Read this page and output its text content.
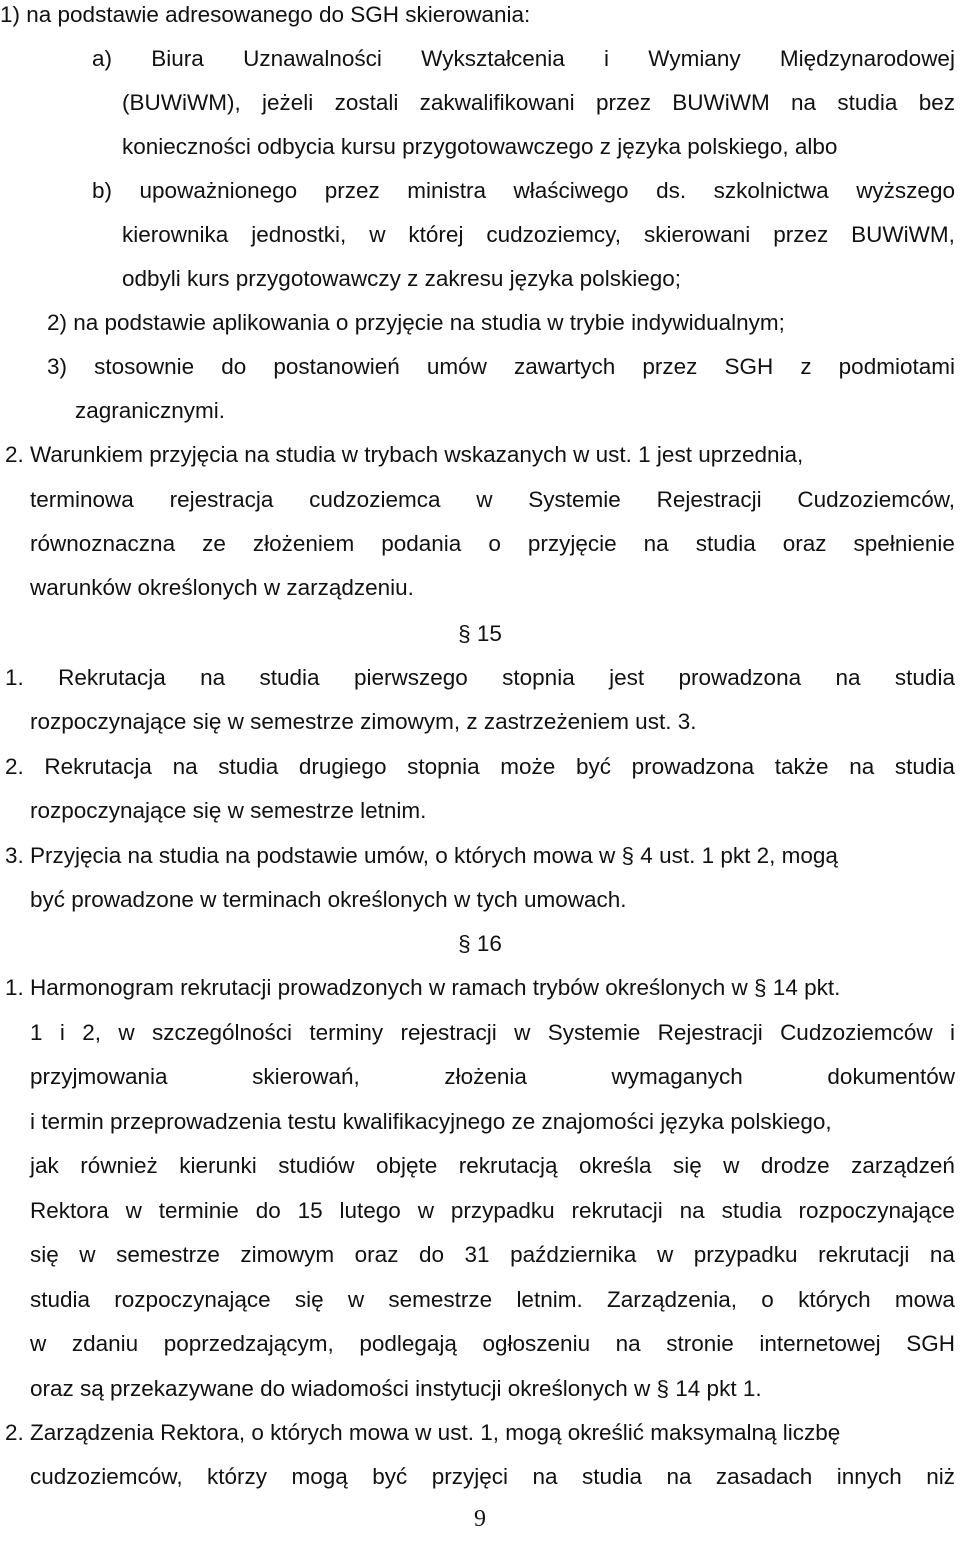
9
1) na podstawie adresowanego do SGH skierowania:
a) Biura Uznawalności Wykształcenia i Wymiany Międzynarodowej
(BUWiWM), jeżeli zostali zakwalifikowani przez BUWiWM na studia bez
konieczności odbycia kursu przygotowawczego z języka polskiego, albo
b) upoważnionego przez ministra właściwego ds. szkolnictwa wyższego
kierownika jednostki, w której cudzoziemcy, skierowani przez BUWiWM,
odbyli kurs przygotowawczy z zakresu języka polskiego;
2) na podstawie aplikowania o przyjęcie na studia w trybie indywidualnym;
3) stosownie do postanowień umów zawartych przez SGH z podmiotami
zagranicznymi.
2. Warunkiem przyjęcia na studia w trybach wskazanych w ust. 1 jest uprzednia,
terminowa rejestracja cudzoziemca w Systemie Rejestracji Cudzoziemców,
równoznaczna ze złożeniem podania o przyjęcie na studia oraz spełnienie
warunków określonych w zarządzeniu.
§ 15
1. Rekrutacja na studia pierwszego stopnia jest prowadzona na studia
rozpoczynające się w semestrze zimowym, z zastrzeżeniem ust. 3.
2. Rekrutacja na studia drugiego stopnia może być prowadzona także na studia
rozpoczynające się w semestrze letnim.
3. Przyjęcia na studia na podstawie umów, o których mowa w § 4 ust. 1 pkt 2, mogą
być prowadzone w terminach określonych w tych umowach.
§ 16
1. Harmonogram rekrutacji prowadzonych w ramach trybów określonych w § 14 pkt.
1 i 2, w szczególności terminy rejestracji w Systemie Rejestracji Cudzoziemców i
przyjmowania	skierowań,	złożenia	wymaganych	dokumentów
i termin przeprowadzenia testu kwalifikacyjnego ze znajomości języka polskiego,
jak również kierunki studiów objęte rekrutacją określa się w drodze zarządzeń
Rektora w terminie do 15 lutego w przypadku rekrutacji na studia rozpoczynające
się w semestrze zimowym oraz do 31 października w przypadku rekrutacji na
studia rozpoczynające się w semestrze letnim. Zarządzenia, o których mowa
w zdaniu poprzedzającym, podlegają ogłoszeniu na stronie internetowej SGH
oraz są przekazywane do wiadomości instytucji określonych w § 14 pkt 1.
2. Zarządzenia Rektora, o których mowa w ust. 1, mogą określić maksymalną liczbę
cudzoziemców, którzy mogą być przyjęci na studia na zasadach innych niż
